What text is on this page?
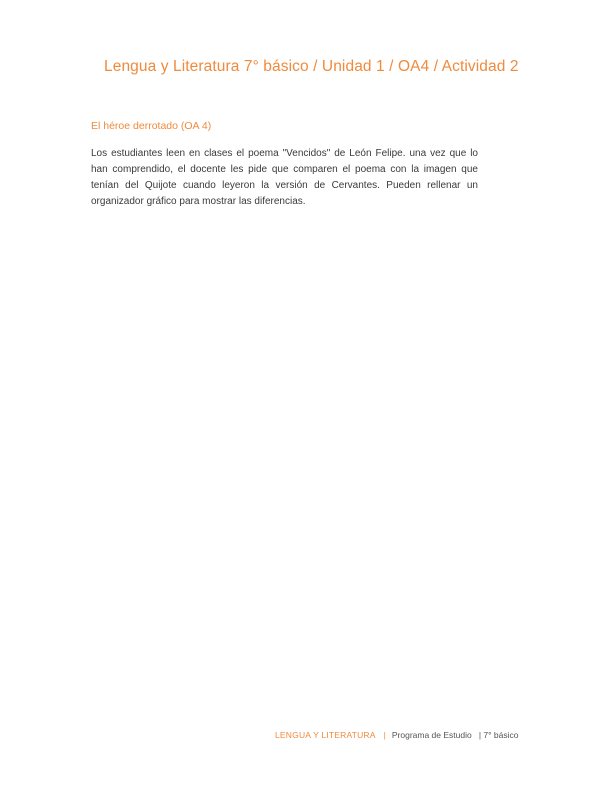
Lengua y Literatura 7° básico / Unidad 1 / OA4 / Actividad 2
El héroe derrotado (OA 4)

Los estudiantes leen en clases el poema "Vencidos" de León Felipe. una vez que lo han comprendido, el docente les pide que comparen el poema con la imagen que tenían del Quijote cuando leyeron la versión de Cervantes. Pueden rellenar un organizador gráfico para mostrar las diferencias.

LENGUA Y LITERATURA | Programa de Estudio | 7° básico
